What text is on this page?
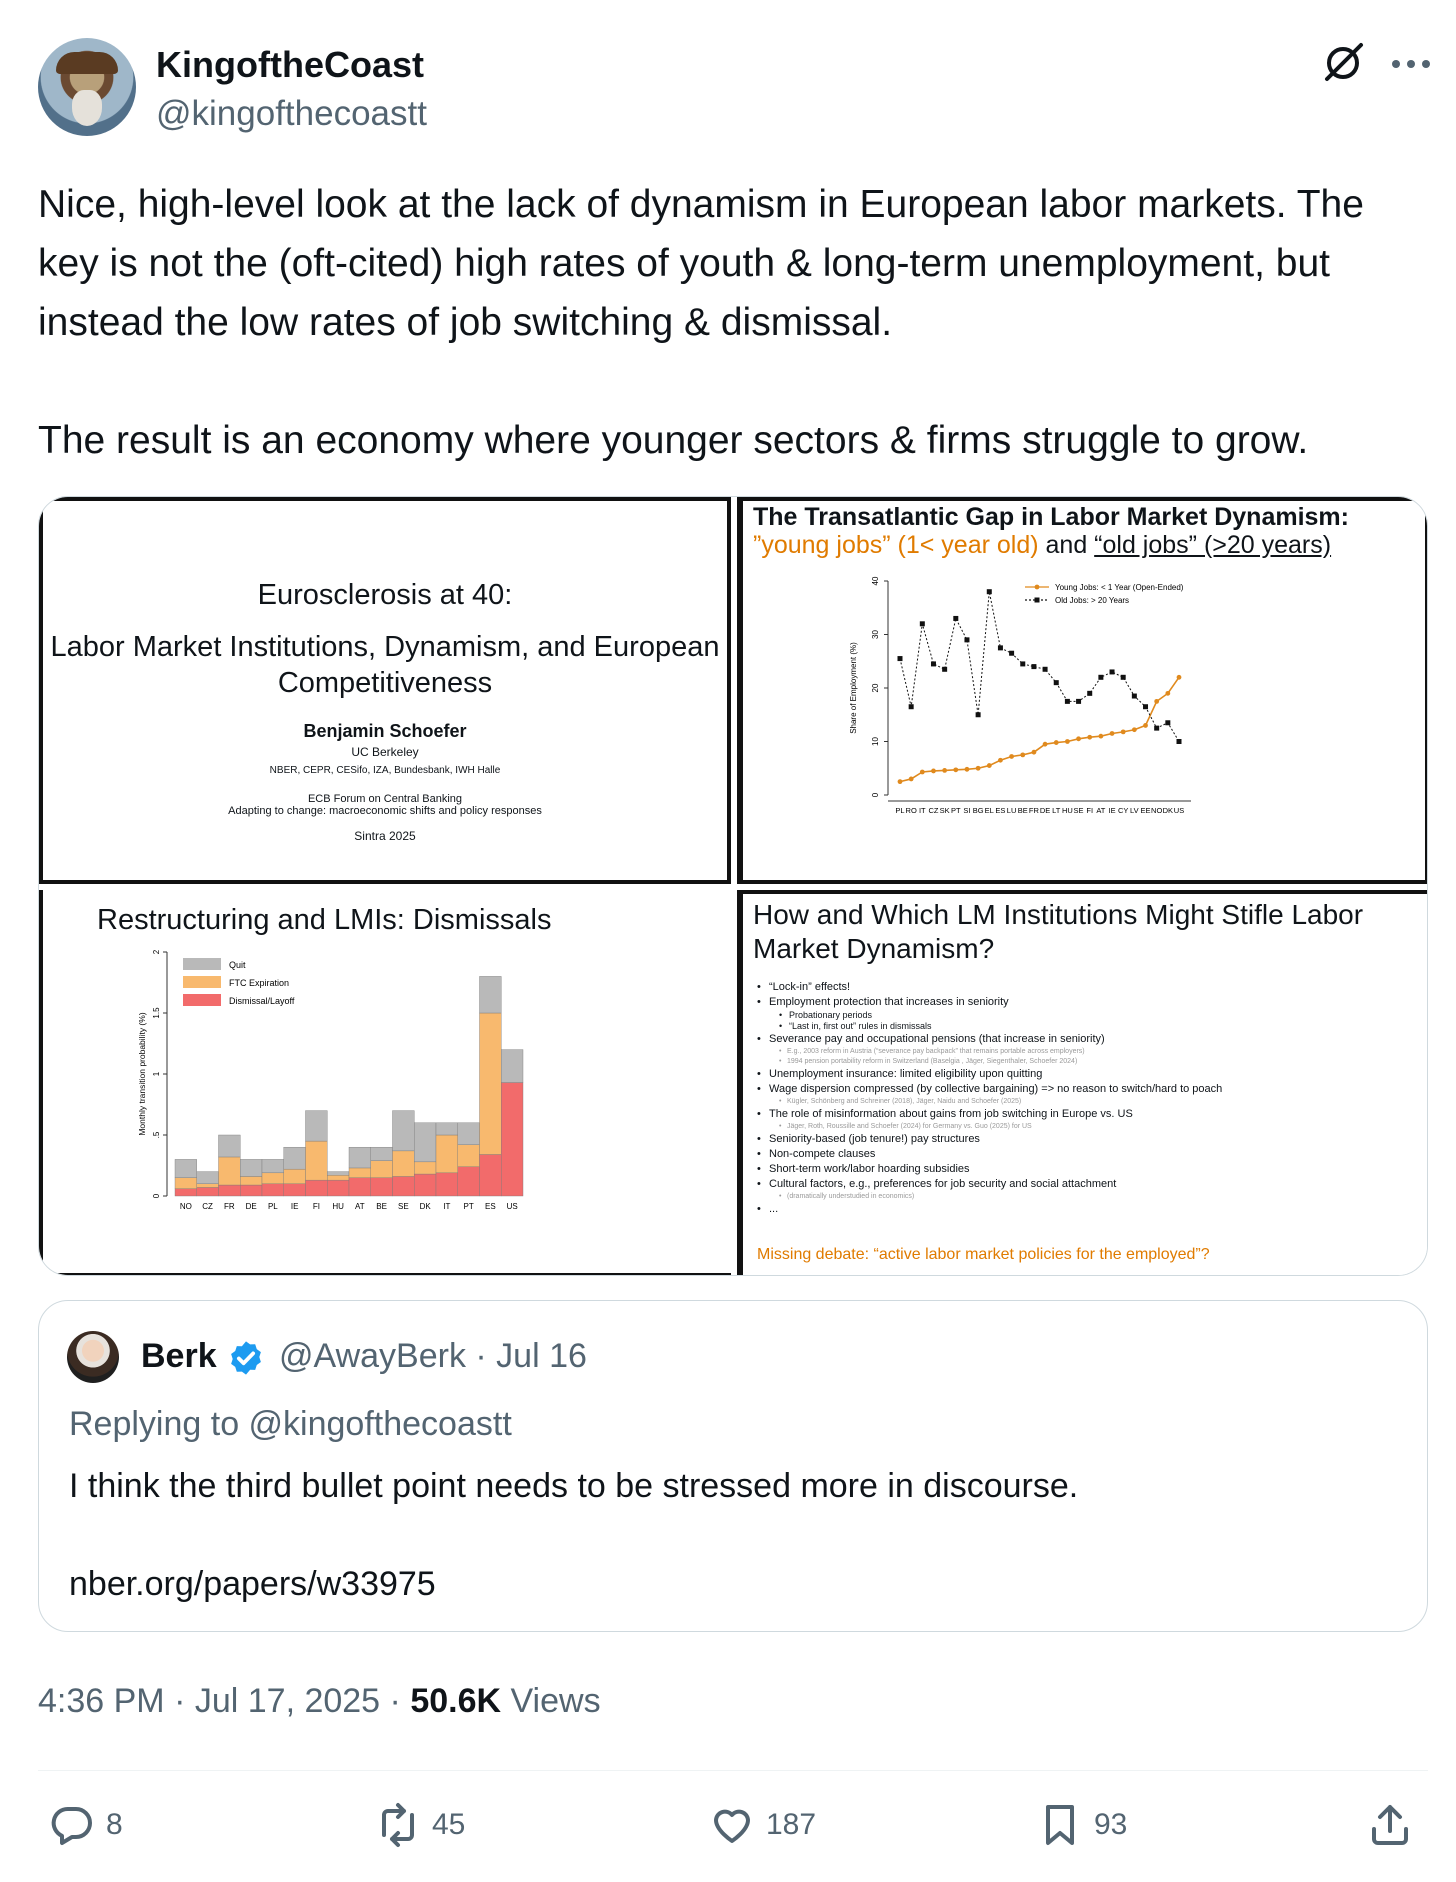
KingoftheCoast
@kingofthecoastt
Nice, high-level look at the lack of dynamism in European labor markets. The key is not the (oft-cited) high rates of youth & long-term unemployment, but instead the low rates of job switching & dismissal.

The result is an economy where younger sectors & firms struggle to grow.
Eurosclerosis at 40:
Labor Market Institutions, Dynamism, and European Competitiveness
Benjamin Schoefer
UC Berkeley
NBER, CEPR, CESifo, IZA, Bundesbank, IWH Halle
ECB Forum on Central Banking
Adapting to change: macroeconomic shifts and policy responses
Sintra 2025
The Transatlantic Gap in Labor Market Dynamism:
”young jobs” (1< year old) and “old jobs” (>20 years)
0
10
20
30
40
Share of Employment (%)
PL RO IT CZ SK PT SI BG EL ES LU BE FR DE LT HU SE FI AT IE CY LV EE NO DK US
Young Jobs: < 1 Year (Open-Ended)
Old Jobs: > 20 Years
Restructuring and LMIs: Dismissals
0
.5
1
1.5
2
Monthly transition probability (%)
NO CZ FR DE PL IE FI HU AT BE SE DK IT PT ES US
Quit
FTC Expiration
Dismissal/Layoff
How and Which LM Institutions Might Stifle Labor Market Dynamism?
• “Lock-in” effects!
• Employment protection that increases in seniority
• Probationary periods
• “Last in, first out” rules in dismissals
• Severance pay and occupational pensions (that increase in seniority)
• E.g., 2003 reform in Austria (“severance pay backpack” that remains portable across employers)
• 1994 pension portability reform in Switzerland (Baselgia , Jäger, Siegenthaler, Schoefer 2024)
• Unemployment insurance: limited eligibility upon quitting
• Wage dispersion compressed (by collective bargaining) => no reason to switch/hard to poach
• Kügler, Schönberg and Schreiner (2018), Jäger, Naidu and Schoefer (2025)
• The role of misinformation about gains from job switching in Europe vs. US
• Jäger, Roth, Roussille and Schoefer (2024) for Germany vs. Guo (2025) for US
• Seniority-based (job tenure!) pay structures
• Non-compete clauses
• Short-term work/labor hoarding subsidies
• Cultural factors, e.g., preferences for job security and social attachment
• (dramatically understudied in economics)
• ...
Missing debate: “active labor market policies for the employed”?
Berk @AwayBerk · Jul 16
Replying to @kingofthecoastt
I think the third bullet point needs to be stressed more in discourse.
nber.org/papers/w33975
4:36 PM · Jul 17, 2025 · 50.6K Views
8	45	187	93
